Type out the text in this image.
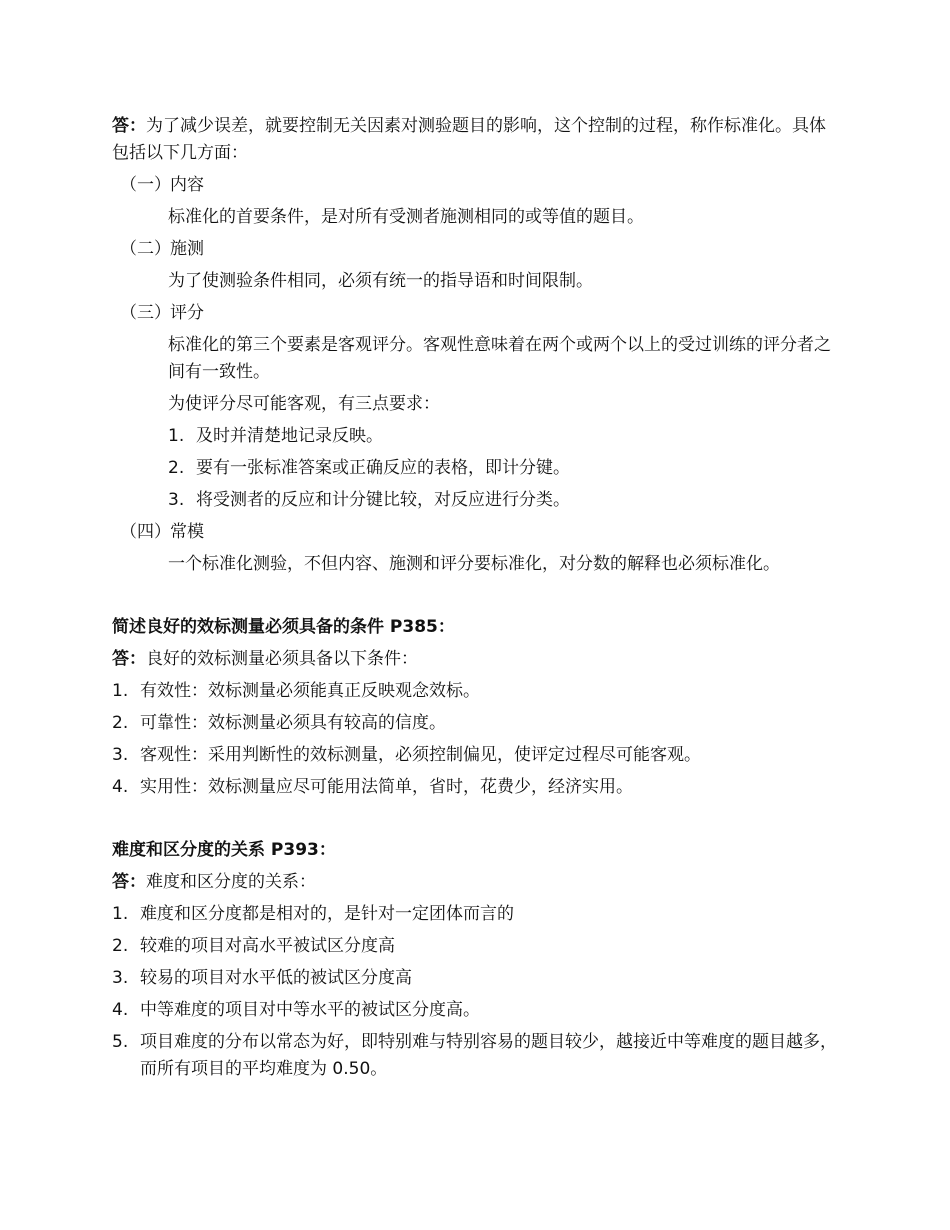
答：为了减少误差，就要控制无关因素对测验题目的影响，这个控制的过程，称作标准化。具体包括以下几方面：

（一） 内容
标准化的首要条件，是对所有受测者施测相同的或等值的题目。
（二） 施测
为了使测验条件相同，必须有统一的指导语和时间限制。
（三） 评分
标准化的第三个要素是客观评分。客观性意味着在两个或两个以上的受过训练的评分者之间有一致性。
为使评分尽可能客观，有三点要求：
1. 及时并清楚地记录反映。
2. 要有一张标准答案或正确反应的表格，即计分键。
3. 将受测者的反应和计分键比较，对反应进行分类。
（四） 常模
一个标准化测验，不但内容、施测和评分要标准化，对分数的解释也必须标准化。
简述良好的效标测量必须具备的条件 P385：
答：良好的效标测量必须具备以下条件：
1. 有效性：效标测量必须能真正反映观念效标。
2. 可靠性：效标测量必须具有较高的信度。
3. 客观性：采用判断性的效标测量，必须控制偏见，使评定过程尽可能客观。
4. 实用性：效标测量应尽可能用法简单，省时，花费少，经济实用。
难度和区分度的关系 P393：
答：难度和区分度的关系：
1. 难度和区分度都是相对的，是针对一定团体而言的
2. 较难的项目对高水平被试区分度高
3. 较易的项目对水平低的被试区分度高
4. 中等难度的项目对中等水平的被试区分度高。
5. 项目难度的分布以常态为好，即特别难与特别容易的题目较少，越接近中等难度的题目越多，而所有项目的平均难度为 0.50。
